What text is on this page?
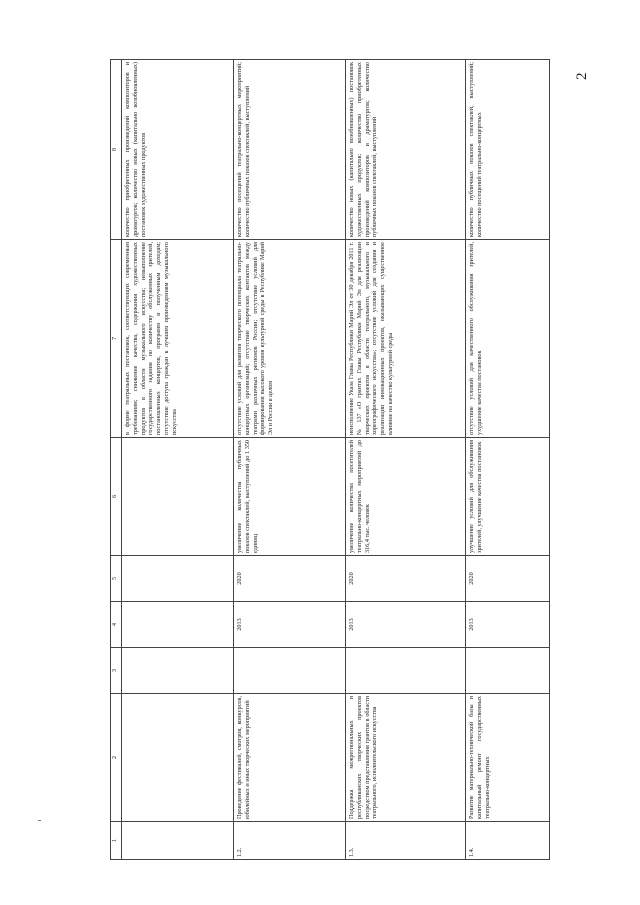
2
1	2	3	4	5	6	7	8
						в форме театральных постановок, соответствующих современным требованиям; снижение качества, содержания художественных продуктов в области музыкального искусства; невыполнение государственного задания по количеству обслуженных зрителей, постановленных концертов, программ и полученным доходам; отсутствие доступа граждан к лучшим произведениям музыкального искусства	количество приобретенных произведений композиторов и драматургов; количество новых (капитально возобновленных) постановок художественных продуктов
1.2.	Проведение фестивалей, смотров, конкурсов, юбилейных и иных творческих мероприятий		2013	2020	увеличение количества публичных показов спектаклей, выступлений до 1 350 единиц	отсутствие условий для развития творческого потенциала театрально-концертных организаций; отсутствие творческих контактов между театрами различных регионов России; отсутствие условий для формирования высокого уровня культурной среды в Республике Марий Эл и России в целом	количество посещений театрально-концертных мероприятий; количество публичных показов спектаклей, выступлений
1.3.	Поддержка межрегиональных и республиканских творческих проектов посредством представления грантов в области театрального, исполнительского искусства		2013	2020	увеличение количества посетителей театрально-концертных мероприятий до 316,4 тыс. человек	неисполнение Указа Главы Республики Марий Эл от 30 декабря 2011 г. № 137 «О грантах Главы Республики Марий Эл для реализации творческих проектов в области театрального, музыкального и хореографического искусства»; отсутствие условий для создания и реализации инновационных проектов, оказывающих существенное влияние на качество культурной среды	количество новых (капитально возобновленных) постановок художественных продуктов; количество приобретенных произведений композиторов и драматургов; количество публичных показов спектаклей, выступлений
1.4.	Развитие материально-технической базы и капитальный ремонт государственных театрально-концертных		2013	2020	улучшение условий для обслуживания зрителей, улучшение качества постановок	отсутствие условий для качественного обслуживания зрителей, ухудшение качества постановок	количество публичных показов спектаклей, выступлений; количество посещений театрально-концертных
